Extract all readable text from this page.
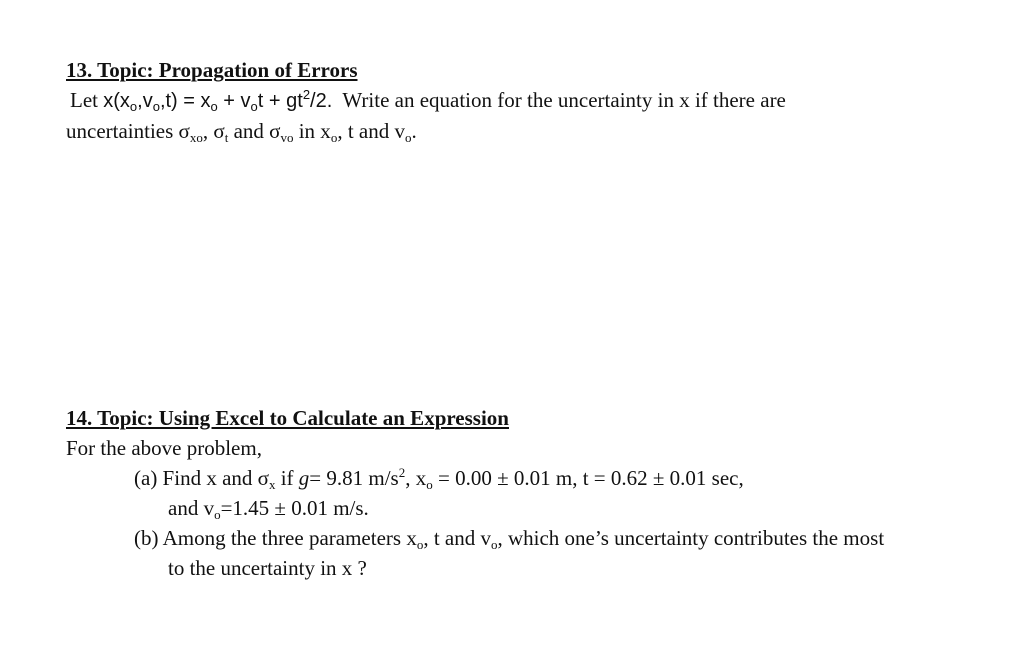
13. Topic: Propagation of Errors
Let $x(x_o,v_o,t) = x_o + v_ot + gt^2/2$. Write an equation for the uncertainty in x if there are
uncertainties $\sigma_{xo}$, $\sigma_t$ and $\sigma_{vo}$ in $x_o$, t and $v_o$.
14. Topic: Using Excel to Calculate an Expression
For the above problem,
(a) Find x and $\sigma_x$ if g= 9.81 $m/s^2$, $x_o = 0.00 \pm 0.01$ m, t = 0.62 ± 0.01 sec,
and $v_o=1.45 \pm 0.01$ m/s.
(b) Among the three parameters $x_o$, t and $v_o$, which one’s uncertainty contributes the most
to the uncertainty in x ?
